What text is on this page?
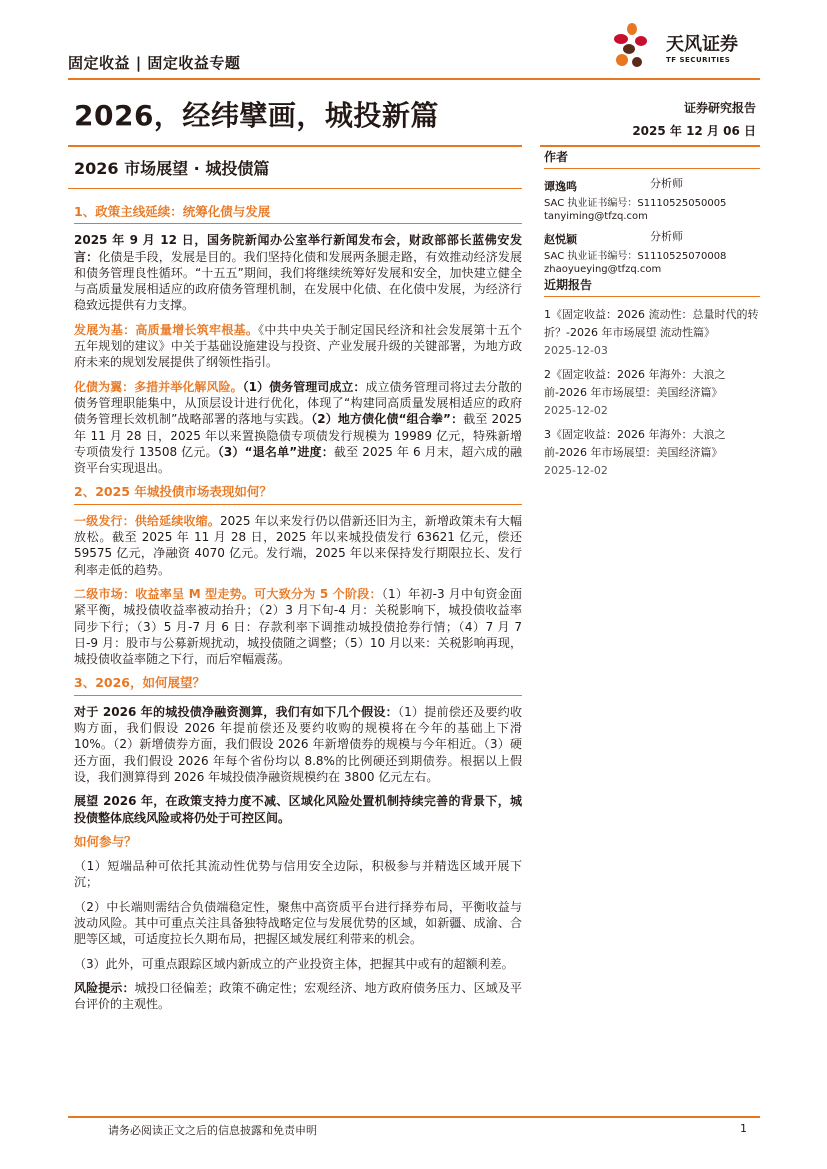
固定收益 | 固定收益专题
天风证券
TF SECURITIES
2026，经纬擘画，城投新篇	证券研究报告
2025 年 12 月 06 日
2026 市场展望 · 城投债篇
1、政策主线延续：统筹化债与发展

2025 年 9 月 12 日，国务院新闻办公室举行新闻发布会，财政部部长蓝佛安发言：化债是手段，发展是目的。我们坚持化债和发展两条腿走路，有效推动经济发展和债务管理良性循环。“十五五”期间，我们将继续统筹好发展和安全，加快建立健全与高质量发展相适应的政府债务管理机制，在发展中化债、在化债中发展，为经济行稳致远提供有力支撑。

发展为基：高质量增长筑牢根基。《中共中央关于制定国民经济和社会发展第十五个五年规划的建议》中关于基础设施建设与投资、产业发展升级的关键部署，为地方政府未来的规划发展提供了纲领性指引。

化债为翼：多措并举化解风险。（1）债务管理司成立：成立债务管理司将过去分散的债务管理职能集中，从顶层设计进行优化，体现了“构建同高质量发展相适应的政府债务管理长效机制”战略部署的落地与实践。（2）地方债化债“组合拳”：截至 2025 年 11 月 28 日，2025 年以来置换隐债专项债发行规模为 19989 亿元，特殊新增专项债发行 13508 亿元。（3）“退名单”进度：截至 2025 年 6 月末，超六成的融资平台实现退出。

2、2025 年城投债市场表现如何？

一级发行：供给延续收缩。2025 年以来发行仍以借新还旧为主，新增政策未有大幅放松。截至 2025 年 11 月 28 日，2025 年以来城投债发行 63621 亿元，偿还 59575 亿元，净融资 4070 亿元。发行端，2025 年以来保持发行期限拉长、发行利率走低的趋势。

二级市场：收益率呈 M 型走势。可大致分为 5 个阶段：（1）年初-3 月中旬资金面紧平衡，城投债收益率被动抬升；（2）3 月下旬-4 月：关税影响下，城投债收益率同步下行；（3）5 月-7 月 6 日：存款利率下调推动城投债抢券行情；（4）7 月 7 日-9 月：股市与公募新规扰动，城投债随之调整；（5）10 月以来：关税影响再现，城投债收益率随之下行，而后窄幅震荡。

3、2026，如何展望？

对于 2026 年的城投债净融资测算，我们有如下几个假设：（1）提前偿还及要约收购方面，我们假设 2026 年提前偿还及要约收购的规模将在今年的基础上下滑 10%。（2）新增债券方面，我们假设 2026 年新增债券的规模与今年相近。（3）硬还方面，我们假设 2026 年每个省份均以 8.8%的比例硬还到期债券。根据以上假设，我们测算得到 2026 年城投债净融资规模约在 3800 亿元左右。

展望 2026 年，在政策支持力度不减、区域化风险处置机制持续完善的背景下，城投债整体底线风险或将仍处于可控区间。

如何参与？

（1）短端品种可依托其流动性优势与信用安全边际，积极参与并精选区域开展下沉；

（2）中长端则需结合负债端稳定性，聚焦中高资质平台进行择券布局，平衡收益与波动风险。其中可重点关注具备独特战略定位与发展优势的区域，如新疆、成渝、合肥等区域，可适度拉长久期布局，把握区域发展红利带来的机会。

（3）此外，可重点跟踪区域内新成立的产业投资主体，把握其中或有的超额利差。

风险提示：城投口径偏差；政策不确定性；宏观经济、地方政府债务压力、区域及平台评价的主观性。

作者
谭逸鸣	分析师
SAC 执业证书编号：S1110525050005
tanyiming@tfzq.com
赵悦颖	分析师
SAC 执业证书编号：S1110525070008
zhaoyueying@tfzq.com
近期报告
1《固定收益：2026 流动性：总量时代的转折？-2026 年市场展望 流动性篇》
2025-12-03
2《固定收益：2026 年海外：大浪之前-2026 年市场展望：美国经济篇》
2025-12-02
3《固定收益：2026 年海外：大浪之前-2026 年市场展望：美国经济篇》
2025-12-02
请务必阅读正文之后的信息披露和免责申明	1
